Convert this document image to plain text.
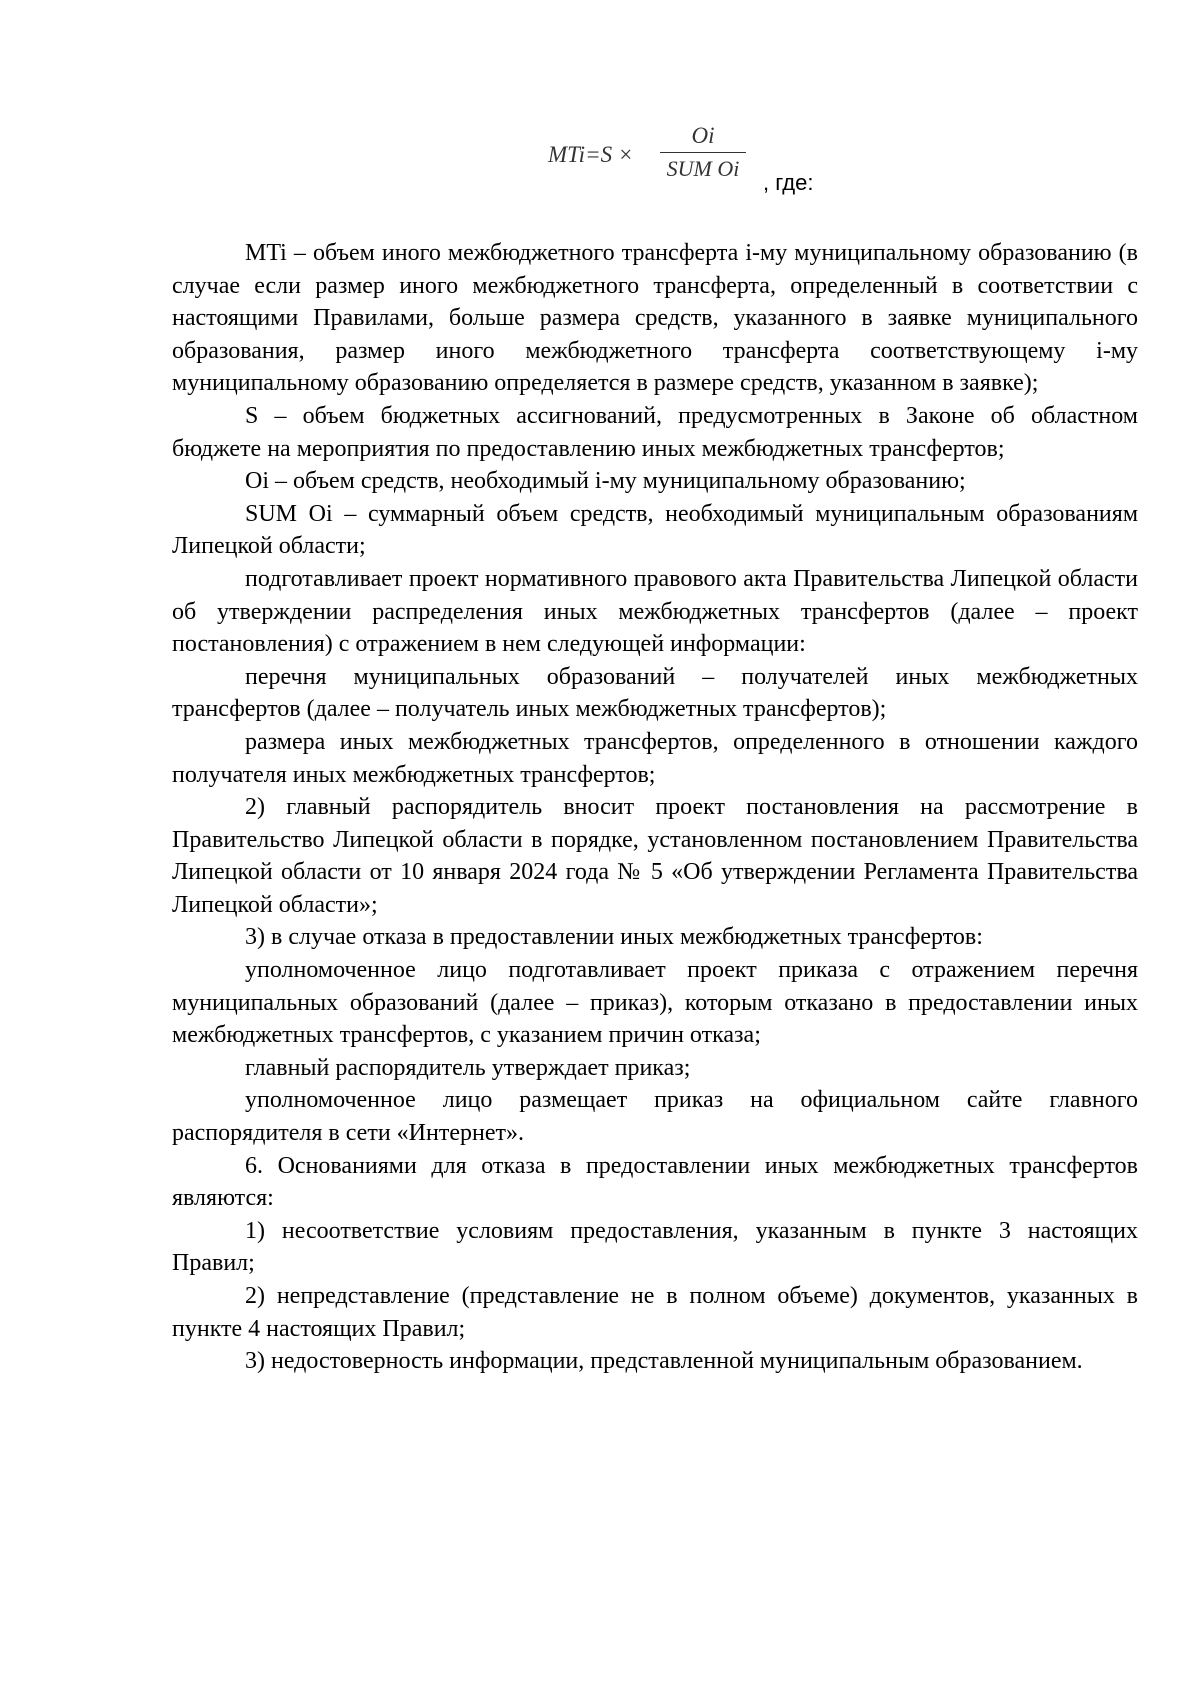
MTi=S ×
Oi
SUM Oi
, где:

MTi – объем иного межбюджетного трансферта i-му муниципальному образованию (в случае если размер иного межбюджетного трансферта, определенный в соответствии с настоящими Правилами, больше размера средств, указанного в заявке муниципального образования, размер иного межбюджетного трансферта соответствующему i-му муниципальному образованию определяется в размере средств, указанном в заявке);

S – объем бюджетных ассигнований, предусмотренных в Законе об областном бюджете на мероприятия по предоставлению иных межбюджетных трансфертов;

Oi – объем средств, необходимый i-му муниципальному образованию;

SUM Oi – суммарный объем средств, необходимый муниципальным образованиям Липецкой области;

подготавливает проект нормативного правового акта Правительства Липецкой области об утверждении распределения иных межбюджетных трансфертов (далее – проект постановления) с отражением в нем следующей информации:

перечня муниципальных образований – получателей иных межбюджетных трансфертов (далее – получатель иных межбюджетных трансфертов);

размера иных межбюджетных трансфертов, определенного в отношении каждого получателя иных межбюджетных трансфертов;

2) главный распорядитель вносит проект постановления на рассмотрение в Правительство Липецкой области в порядке, установленном постановлением Правительства Липецкой области от 10 января 2024 года № 5 «Об утверждении Регламента Правительства Липецкой области»;

3) в случае отказа в предоставлении иных межбюджетных трансфертов:

уполномоченное лицо подготавливает проект приказа с отражением перечня муниципальных образований (далее – приказ), которым отказано в предоставлении иных межбюджетных трансфертов, с указанием причин отказа;

главный распорядитель утверждает приказ;

уполномоченное лицо размещает приказ на официальном сайте главного распорядителя в сети «Интернет».

6. Основаниями для отказа в предоставлении иных межбюджетных трансфертов являются:

1) несоответствие условиям предоставления, указанным в пункте 3 настоящих Правил;

2) непредставление (представление не в полном объеме) документов, указанных в пункте 4 настоящих Правил;

3) недостоверность информации, представленной муниципальным образованием.
